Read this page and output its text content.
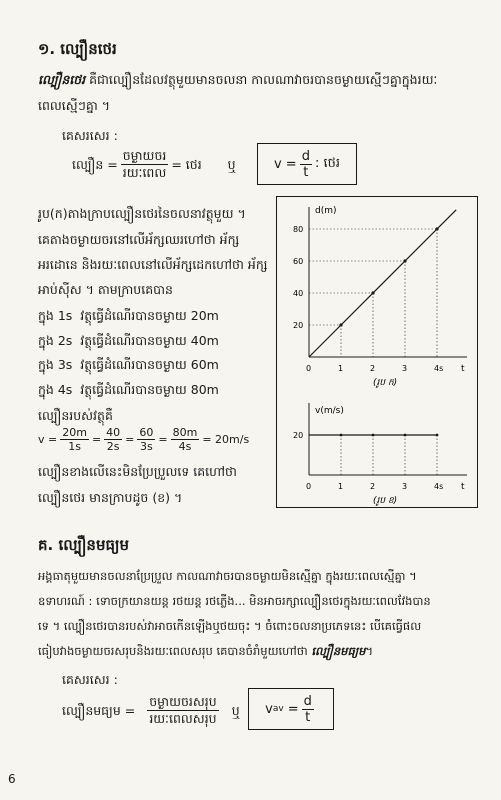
១. ល្បឿនថេរ
ល្បឿនថេរ គឺជាល្បឿនដែលវត្ថុមួយមានចលនា កាលណាវាចរបានចម្ងាយស្មើៗគ្នាក្នុងរយៈ
ពេលស្មើៗគ្នា ។
គេសរសេរ :
ល្បឿន = $\frac{\text{ចម្ងាយចរ}}{\text{រយៈពេល}}$ = ថេរ ឬ	$v = \frac{d}{t}$ : ថេរ
រូប(ក)តាងក្រាបល្បឿនថេរនៃចលនាវត្ថុមួយ ។
គេតាងចម្ងាយចរនៅលើអ័ក្សឈរហៅថា អ័ក្ស
អរដោនេ និងរយៈពេលនៅលើអ័ក្សដេកហៅថា អ័ក្ស
អាប់ស៊ីស ។ តាមក្រាបគេបាន
ក្នុង 1s វត្ថុធ្វើដំណើរបានចម្ងាយ 20m
ក្នុង 2s វត្ថុធ្វើដំណើរបានចម្ងាយ 40m
ក្នុង 3s វត្ថុធ្វើដំណើរបានចម្ងាយ 60m
ក្នុង 4s វត្ថុធ្វើដំណើរបានចម្ងាយ 80m
ល្បឿនរបស់វត្ថុគឺ
$v = \frac{20m}{1s} = \frac{40}{2s} = \frac{60}{3s} = \frac{80m}{4s} = 20m/s$
ល្បឿនខាងលើនេះមិនប្រែប្រួលទេ គេហៅថា
ល្បឿនថេរ មានក្រាបដូច (ខ) ។
d(m)
t
0	1	2	3	4s
20
40
60
80
(រូប ក)
v(m/s)
t
20
0	1	2	3	4s
(រូប ខ)
គ. ល្បឿនមធ្យម
អង្គធាតុមួយមានចលនាប្រែប្រួល កាលណាវាចរបានចម្ងាយមិនស្មើគ្នា ក្នុងរយៈពេលស្មើគ្នា ។
ឧទាហរណ៍ : ទោចក្រយានយន្ត រថយន្ត រថភ្លើង... មិនអាចរក្សាល្បឿនថេរក្នុងរយៈពេលវែងបាន
ទេ ។ ល្បឿនថេរបានរបស់វាអាចកើនឡើងឬថយចុះ ។ ចំពោះចលនាប្រភេទនេះ បើគេធ្វើផល
ធៀបវាងចម្ងាយចរសរុបនិងរយៈពេលសរុប គេបានចំរាំមួយហៅថា ល្បឿនមធ្យម។
គេសរសេរ :
ល្បឿនមធ្យម = $\frac{\text{ចម្ងាយចរសរុប}}{\text{រយៈពេលសរុប}}$ ឬ v av = $\frac{d}{t}$
6
